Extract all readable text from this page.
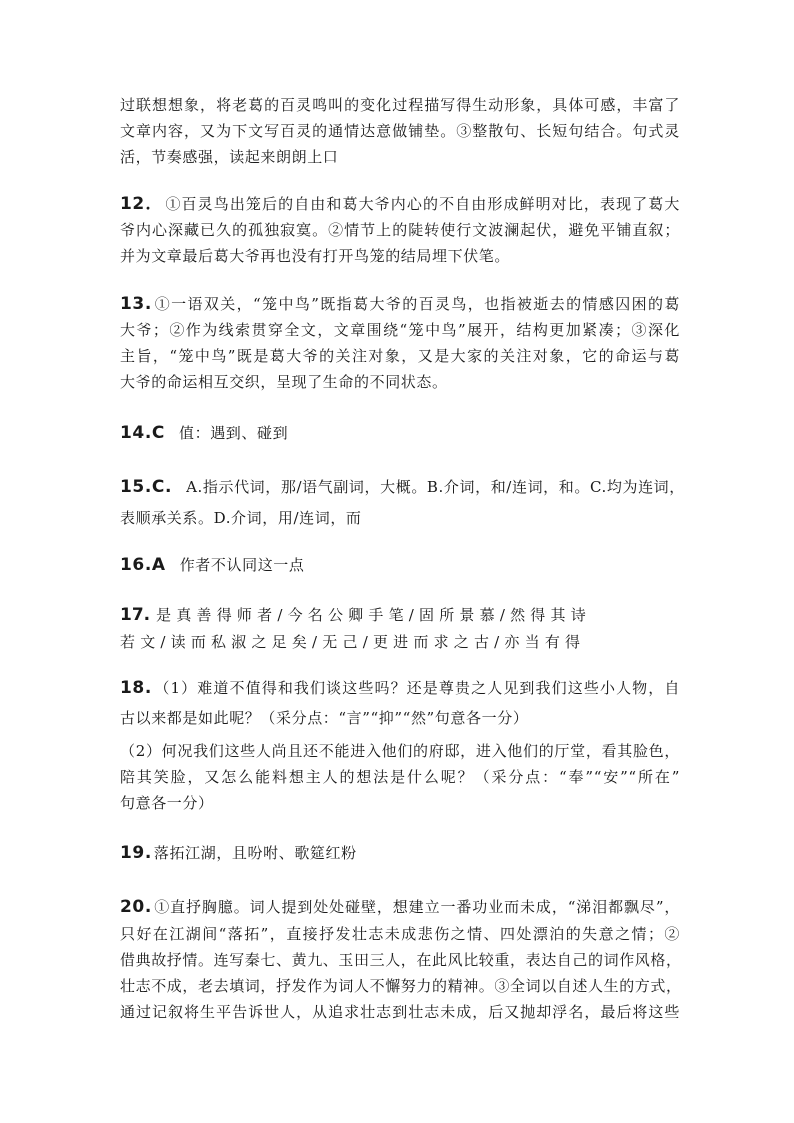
过联想想象，将老葛的百灵鸣叫的变化过程描写得生动形象，具体可感，丰富了
文章内容，又为下文写百灵的通情达意做铺垫。③整散句、长短句结合。句式灵
活，节奏感强，读起来朗朗上口
12． ①百灵鸟出笼后的自由和葛大爷内心的不自由形成鲜明对比，表现了葛大
爷内心深藏已久的孤独寂寞。②情节上的陡转使行文波澜起伏，避免平铺直叙；
并为文章最后葛大爷再也没有打开鸟笼的结局埋下伏笔。
13. ①一语双关，“笼中鸟”既指葛大爷的百灵鸟，也指被逝去的情感囚困的葛
大爷；②作为线索贯穿全文，文章围绕“笼中鸟”展开，结构更加紧凑；③深化
主旨，“笼中鸟”既是葛大爷的关注对象，又是大家的关注对象，它的命运与葛
大爷的命运相互交织，呈现了生命的不同状态。
14.C 值：遇到、碰到
15.C. A.指示代词，那/语气副词，大概。B.介词，和/连词，和。C.均为连词，
表顺承关系。D.介词，用/连词，而
16.A 作者不认同这一点
17. 是真善得师者/今名公卿手笔/固所景慕/然得其诗
若文/读而私淑之足矣/无己/更进而求之古/亦当有得
18. （1）难道不值得和我们谈这些吗？还是尊贵之人见到我们这些小人物，自
古以来都是如此呢？（采分点：“言”“抑”“然”句意各一分）
（2）何况我们这些人尚且还不能进入他们的府邸，进入他们的厅堂，看其脸色，
陪其笑脸，又怎么能料想主人的想法是什么呢？（采分点：“奉”“安”“所在”
句意各一分）
19. 落拓江湖，且吩咐、歌筵红粉
20. ①直抒胸臆。词人提到处处碰壁，想建立一番功业而未成，“涕泪都飘尽”，
只好在江湖间“落拓”，直接抒发壮志未成悲伤之情、四处漂泊的失意之情；②
借典故抒情。连写秦七、黄九、玉田三人，在此风比较重，表达自己的词作风格，
壮志不成，老去填词，抒发作为词人不懈努力的精神。③全词以自述人生的方式，
通过记叙将生平告诉世人，从追求壮志到壮志未成，后又抛却浮名，最后将这些
